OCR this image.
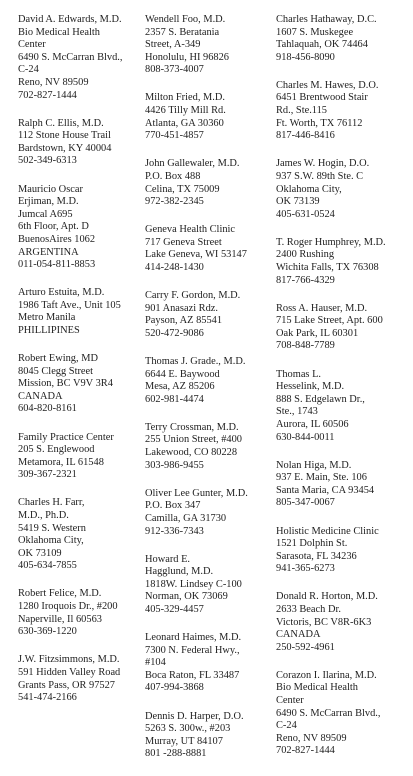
David A. Edwards, M.D.
Bio Medical Health
Center
6490 S. McCarran Blvd.,
C-24
Reno, NV 89509
702-827-1444
Ralph C. Ellis, M.D.
112 Stone House Trail
Bardstown, KY 40004
502-349-6313
Mauricio Oscar
Erjiman, M.D.
Jumcal A695
6th Floor, Apt. D
BuenosAires 1062
ARGENTINA
011-054-811-8853
Arturo Estuita, M.D.
1986 Taft Ave., Unit 105
Metro Manila
PHILLIPINES
Robert Ewing, MD
8045 Clegg Street
Mission, BC V9V 3R4
CANADA
604-820-8161
Family Practice Center
205 S. Englewood
Metamora, IL 61548
309-367-2321
Charles H. Farr,
M.D., Ph.D.
5419 S. Western
Oklahoma City,
OK 73109
405-634-7855
Robert Felice, M.D.
1280 Iroquois Dr., #200
Naperville, Il 60563
630-369-1220
J.W. Fitzsimmons, M.D.
591 Hidden Valley Road
Grants Pass, OR 97527
541-474-2166
Wendell Foo, M.D.
2357 S. Beratania
Street, A-349
Honolulu, HI 96826
808-373-4007
Milton Fried, M.D.
4426 Tilly Mill Rd.
Atlanta, GA 30360
770-451-4857
John Gallewaler, M.D.
P.O. Box 488
Celina, TX 75009
972-382-2345
Geneva Health Clinic
717 Geneva Street
Lake Geneva, WI 53147
414-248-1430
Carry F. Gordon, M.D.
901 Anasazi Rdz.
Payson, AZ 85541
520-472-9086
Thomas J. Grade., M.D.
6644 E. Baywood
Mesa, AZ 85206
602-981-4474
Terry Crossman, M.D.
255 Union Street, #400
Lakewood, CO 80228
303-986-9455
Oliver Lee Gunter, M.D.
P.O. Box 347
Camilla, GA 31730
912-336-7343
Howard E.
Hagglund, M.D.
1818W. Lindsey C-100
Norman, OK 73069
405-329-4457
Leonard Haimes, M.D.
7300 N. Federal Hwy.,
#104
Boca Raton, FL 33487
407-994-3868
Dennis D. Harper, D.O.
5263 S. 300w., #203
Murray, UT 84107
801 -288-8881
Charles Hathaway, D.C.
1607 S. Muskegee
Tahlaquah, OK 74464
918-456-8090
Charles M. Hawes, D.O.
6451 Brentwood Stair
Rd., Ste.115
Ft. Worth, TX 76112
817-446-8416
James W. Hogin, D.O.
937 S.W. 89th Ste. C
Oklahoma City,
OK 73139
405-631-0524
T. Roger Humphrey, M.D.
2400 Rushing
Wichita Falls, TX 76308
817-766-4329
Ross A. Hauser, M.D.
715 Lake Street, Apt. 600
Oak Park, IL 60301
708-848-7789
Thomas L.
Hesselink, M.D.
888 S. Edgelawn Dr.,
Ste., 1743
Aurora, IL 60506
630-844-0011
Nolan Higa, M.D.
937 E. Main, Ste. 106
Santa Maria, CA 93454
805-347-0067
Holistic Medicine Clinic
1521 Dolphin St.
Sarasota, FL 34236
941-365-6273
Donald R. Horton, M.D.
2633 Beach Dr.
Victoris, BC V8R-6K3
CANADA
250-592-4961
Corazon I. Ilarina, M.D.
Bio Medical Health
Center
6490 S. McCarran Blvd.,
C-24
Reno, NV 89509
702-827-1444
